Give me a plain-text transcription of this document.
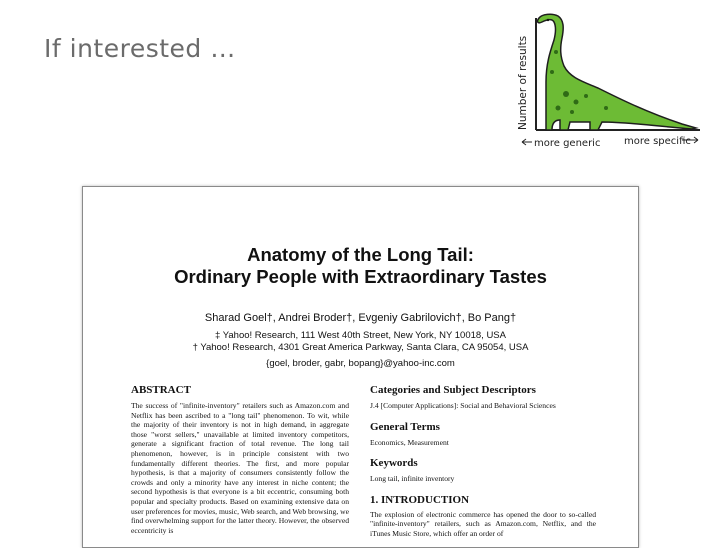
If interested …	Number of results
more generic more specific
Anatomy of the Long Tail:
Ordinary People with Extraordinary Tastes
Sharad Goel†, Andrei Broder†, Evgeniy Gabrilovich†, Bo Pang†
‡ Yahoo! Research, 111 West 40th Street, New York, NY 10018, USA
† Yahoo! Research, 4301 Great America Parkway, Santa Clara, CA 95054, USA
{goel, broder, gabr, bopang}@yahoo-inc.com
ABSTRACT

The success of "infinite-inventory" retailers such as Amazon.com and Netflix has been ascribed to a "long tail" phenomenon. To wit, while the majority of their inventory is not in high demand, in aggregate those "worst sellers," unavailable at limited inventory competitors, generate a significant fraction of total revenue. The long tail phenomenon, however, is in principle consistent with two fundamentally different theories. The first, and more popular hypothesis, is that a majority of consumers consistently follow the crowds and only a minority have any interest in niche content; the second hypothesis is that everyone is a bit eccentric, consuming both popular and specialty products. Based on examining extensive data on user preferences for movies, music, Web search, and Web browsing, we find overwhelming support for the latter theory. However, the observed eccentricity is

Categories and Subject Descriptors

J.4 [Computer Applications]: Social and Behavioral Sciences

General Terms

Economics, Measurement

Keywords

Long tail, infinite inventory

1. INTRODUCTION

The explosion of electronic commerce has opened the door to so-called "infinite-inventory" retailers, such as Amazon.com, Netflix, and the iTunes Music Store, which offer an order of
